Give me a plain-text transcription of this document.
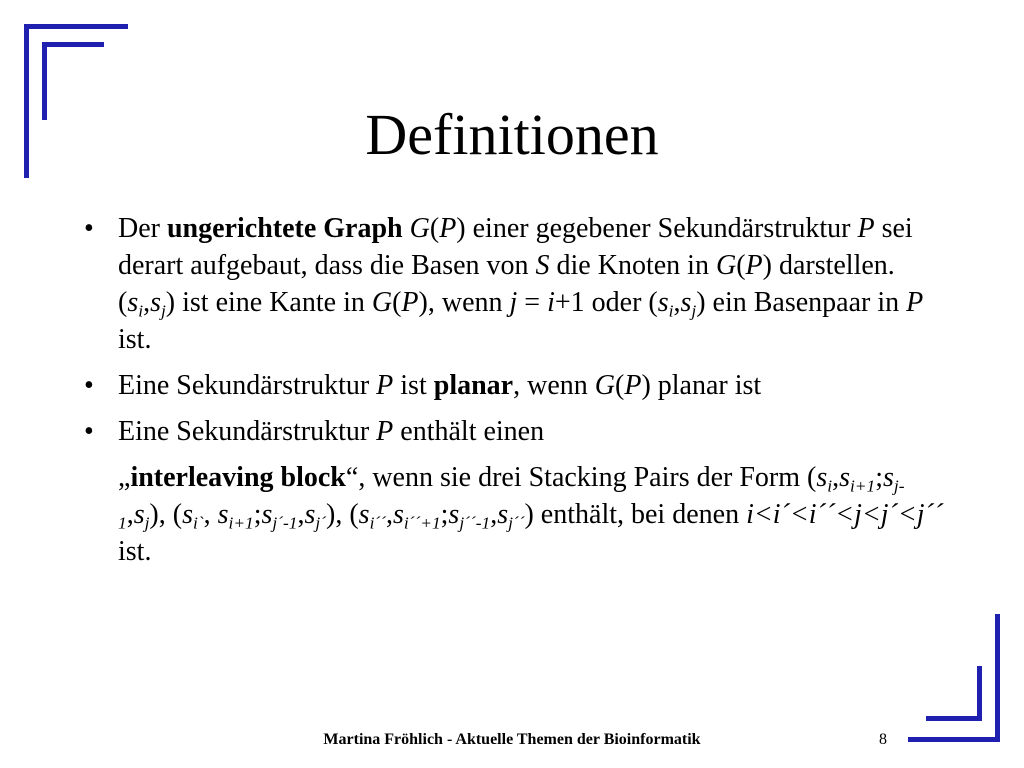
Definitionen
• Der ungerichtete Graph G(P) einer gegebener Sekundärstruktur P sei derart aufgebaut, dass die Basen von S die Knoten in G(P) darstellen. $(s_i,s_j)$ ist eine Kante in G(P), wenn j = i+1 oder $(s_i,s_j)$ ein Basenpaar in P ist.
• Eine Sekundärstruktur P ist planar, wenn G(P) planar ist
• Eine Sekundärstruktur P enthält einen
„interleaving block“, wenn sie drei Stacking Pairs der Form $(s_i,s_{i+1};s_{j-1},s_j)$, ($s_{i`}$, $s_{i+1};s_{j´-1},s_{j´}$), $(s_{i´´},s_{i´´+1};s_{j´´-1},s_{j´´})$ enthält, bei denen i<i´<i´´<j<j´<j´´ ist.
Martina Fröhlich - Aktuelle Themen der Bioinformatik	8
